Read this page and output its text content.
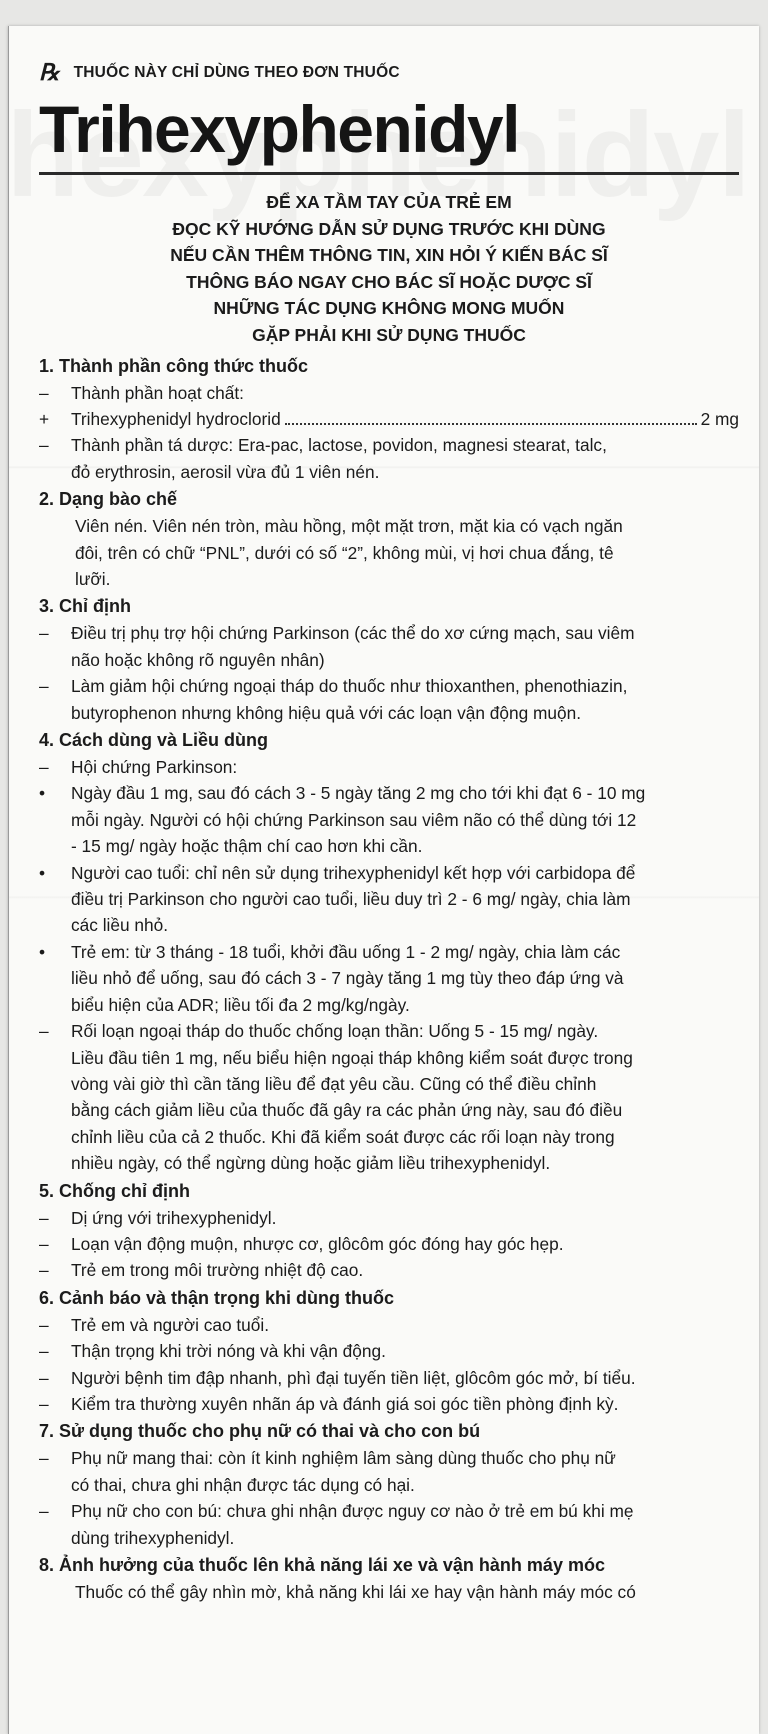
℞ THUỐC NÀY CHỈ DÙNG THEO ĐƠN THUỐC
Trihexyphenidyl
ĐỂ XA TẦM TAY CỦA TRẺ EM
ĐỌC KỸ HƯỚNG DẪN SỬ DỤNG TRƯỚC KHI DÙNG
NẾU CẦN THÊM THÔNG TIN, XIN HỎI Ý KIẾN BÁC SĨ
THÔNG BÁO NGAY CHO BÁC SĨ HOẶC DƯỢC SĨ
NHỮNG TÁC DỤNG KHÔNG MONG MUỐN
GẶP PHẢI KHI SỬ DỤNG THUỐC
1. Thành phần công thức thuốc
–	Thành phần hoạt chất:
+	Trihexyphenidyl hydroclorid	2 mg
–	Thành phần tá dược: Era-pac, lactose, povidon, magnesi stearat, talc,
đỏ erythrosin, aerosil vừa đủ 1 viên nén.
2. Dạng bào chế
Viên nén. Viên nén tròn, màu hồng, một mặt trơn, mặt kia có vạch ngăn
đôi, trên có chữ “PNL”, dưới có số “2”, không mùi, vị hơi chua đắng, tê
lưỡi.
3. Chỉ định
–	Điều trị phụ trợ hội chứng Parkinson (các thể do xơ cứng mạch, sau viêm
não hoặc không rõ nguyên nhân)
–	Làm giảm hội chứng ngoại tháp do thuốc như thioxanthen, phenothiazin,
butyrophenon nhưng không hiệu quả với các loạn vận động muộn.
4. Cách dùng và Liều dùng
–	Hội chứng Parkinson:
•	Ngày đầu 1 mg, sau đó cách 3 - 5 ngày tăng 2 mg cho tới khi đạt 6 - 10 mg
mỗi ngày. Người có hội chứng Parkinson sau viêm não có thể dùng tới 12
- 15 mg/ ngày hoặc thậm chí cao hơn khi cần.
•	Người cao tuổi: chỉ nên sử dụng trihexyphenidyl kết hợp với carbidopa để
điều trị Parkinson cho người cao tuổi, liều duy trì 2 - 6 mg/ ngày, chia làm
các liều nhỏ.
•	Trẻ em: từ 3 tháng - 18 tuổi, khởi đầu uống 1 - 2 mg/ ngày, chia làm các
liều nhỏ để uống, sau đó cách 3 - 7 ngày tăng 1 mg tùy theo đáp ứng và
biểu hiện của ADR; liều tối đa 2 mg/kg/ngày.
–	Rối loạn ngoại tháp do thuốc chống loạn thần: Uống 5 - 15 mg/ ngày.
Liều đầu tiên 1 mg, nếu biểu hiện ngoại tháp không kiểm soát được trong
vòng vài giờ thì cần tăng liều để đạt yêu cầu. Cũng có thể điều chỉnh
bằng cách giảm liều của thuốc đã gây ra các phản ứng này, sau đó điều
chỉnh liều của cả 2 thuốc. Khi đã kiểm soát được các rối loạn này trong
nhiều ngày, có thể ngừng dùng hoặc giảm liều trihexyphenidyl.
5. Chống chỉ định
–	Dị ứng với trihexyphenidyl.
–	Loạn vận động muộn, nhược cơ, glôcôm góc đóng hay góc hẹp.
–	Trẻ em trong môi trường nhiệt độ cao.
6. Cảnh báo và thận trọng khi dùng thuốc
–	Trẻ em và người cao tuổi.
–	Thận trọng khi trời nóng và khi vận động.
–	Người bệnh tim đập nhanh, phì đại tuyến tiền liệt, glôcôm góc mở, bí tiểu.
–	Kiểm tra thường xuyên nhãn áp và đánh giá soi góc tiền phòng định kỳ.
7. Sử dụng thuốc cho phụ nữ có thai và cho con bú
–	Phụ nữ mang thai: còn ít kinh nghiệm lâm sàng dùng thuốc cho phụ nữ
có thai, chưa ghi nhận được tác dụng có hại.
–	Phụ nữ cho con bú: chưa ghi nhận được nguy cơ nào ở trẻ em bú khi mẹ
dùng trihexyphenidyl.
8. Ảnh hưởng của thuốc lên khả năng lái xe và vận hành máy móc
Thuốc có thể gây nhìn mờ, khả năng khi lái xe hay vận hành máy móc có
